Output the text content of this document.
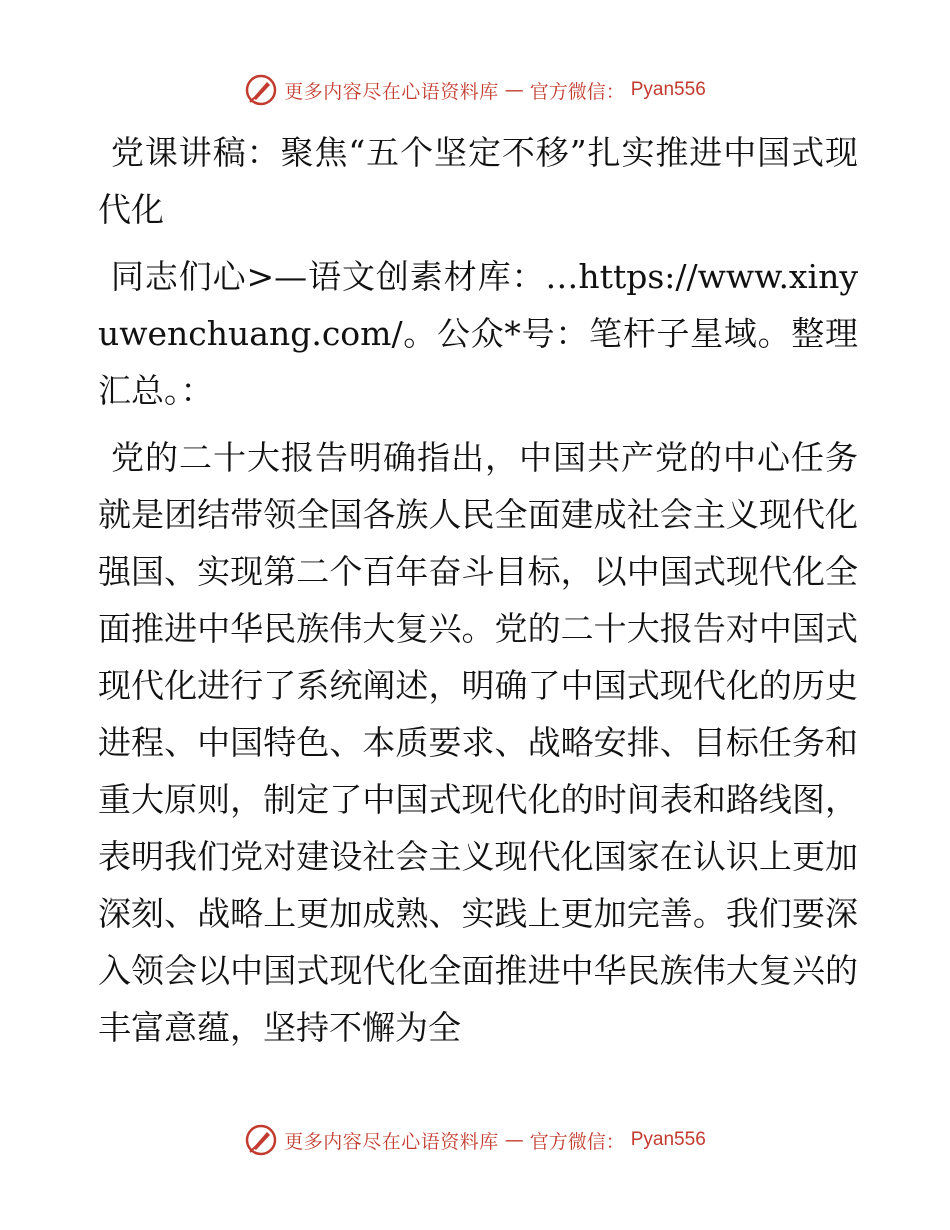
更多内容尽在心语资料库 — 官方微信： Pyan556

党课讲稿：聚焦“五个坚定不移”扎实推进中国式现代化

同志们心>—语文创素材库：…https://www.xinyuwenchuang.com/。公众*号：笔杆子星域。整理汇总。：

党的二十大报告明确指出，中国共产党的中心任务就是团结带领全国各族人民全面建成社会主义现代化强国、实现第二个百年奋斗目标，以中国式现代化全面推进中华民族伟大复兴。党的二十大报告对中国式现代化进行了系统阐述，明确了中国式现代化的历史进程、中国特色、本质要求、战略安排、目标任务和重大原则，制定了中国式现代化的时间表和路线图，表明我们党对建设社会主义现代化国家在认识上更加深刻、战略上更加成熟、实践上更加完善。我们要深入领会以中国式现代化全面推进中华民族伟大复兴的丰富意蕴，坚持不懈为全

更多内容尽在心语资料库 — 官方微信： Pyan556
